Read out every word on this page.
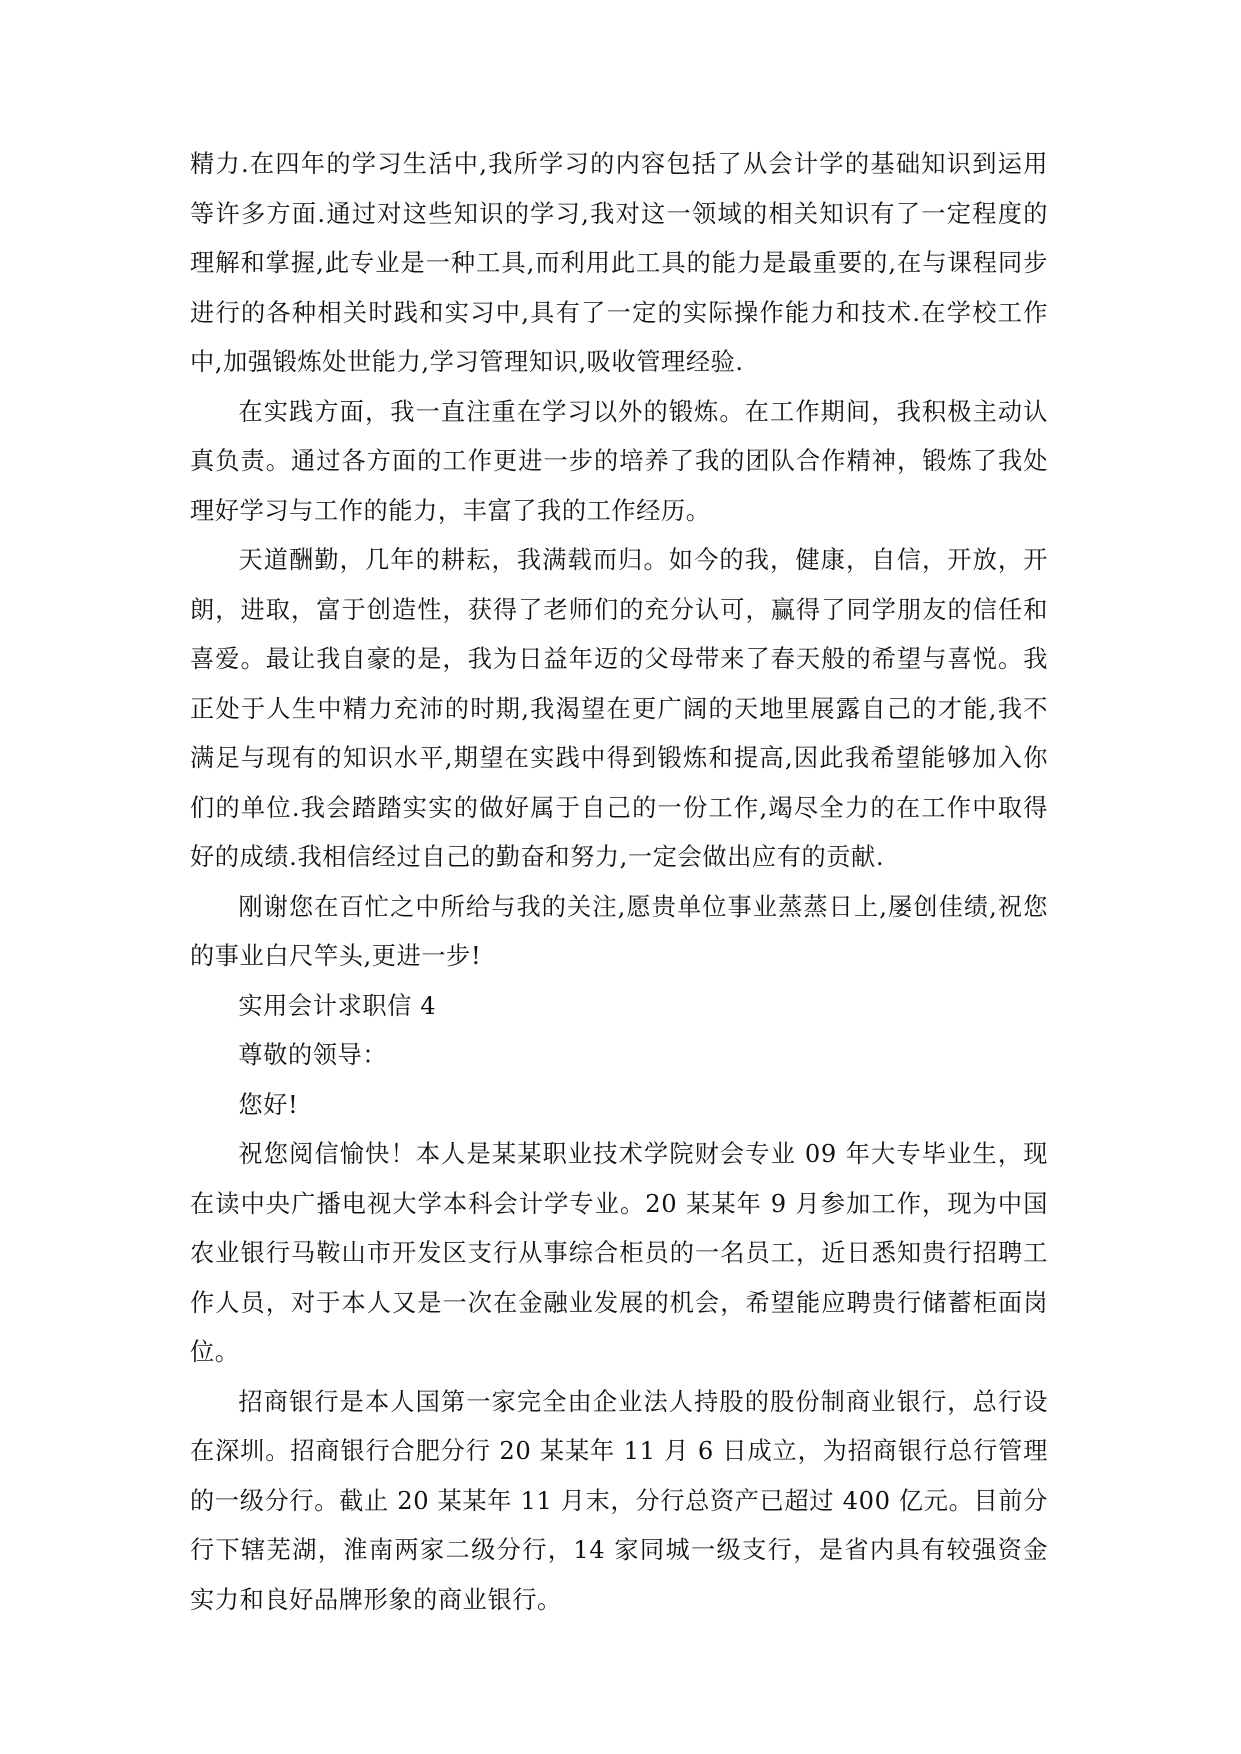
精力.在四年的学习生活中,我所学习的内容包括了从会计学的基础知识到运用等许多方面.通过对这些知识的学习,我对这一领域的相关知识有了一定程度的理解和掌握,此专业是一种工具,而利用此工具的能力是最重要的,在与课程同步进行的各种相关时践和实习中,具有了一定的实际操作能力和技术.在学校工作中,加强锻炼处世能力,学习管理知识,吸收管理经验.

在实践方面，我一直注重在学习以外的锻炼。在工作期间，我积极主动认真负责。通过各方面的工作更进一步的培养了我的团队合作精神，锻炼了我处理好学习与工作的能力，丰富了我的工作经历。

天道酬勤，几年的耕耘，我满载而归。如今的我，健康，自信，开放，开朗，进取，富于创造性，获得了老师们的充分认可，赢得了同学朋友的信任和喜爱。最让我自豪的是，我为日益年迈的父母带来了春天般的希望与喜悦。我正处于人生中精力充沛的时期,我渴望在更广阔的天地里展露自己的才能,我不满足与现有的知识水平,期望在实践中得到锻炼和提高,因此我希望能够加入你们的单位.我会踏踏实实的做好属于自己的一份工作,竭尽全力的在工作中取得好的成绩.我相信经过自己的勤奋和努力,一定会做出应有的贡献.

刚谢您在百忙之中所给与我的关注,愿贵单位事业蒸蒸日上,屡创佳绩,祝您的事业白尺竿头,更进一步!

实用会计求职信 4

尊敬的领导：

您好!

祝您阅信愉快！本人是某某职业技术学院财会专业 09 年大专毕业生，现在读中央广播电视大学本科会计学专业。20 某某年 9 月参加工作，现为中国农业银行马鞍山市开发区支行从事综合柜员的一名员工，近日悉知贵行招聘工作人员，对于本人又是一次在金融业发展的机会，希望能应聘贵行储蓄柜面岗位。

招商银行是本人国第一家完全由企业法人持股的股份制商业银行，总行设在深圳。招商银行合肥分行 20 某某年 11 月 6 日成立，为招商银行总行管理的一级分行。截止 20 某某年 11 月末，分行总资产已超过 400 亿元。目前分行下辖芜湖，淮南两家二级分行，14 家同城一级支行，是省内具有较强资金实力和良好品牌形象的商业银行。
